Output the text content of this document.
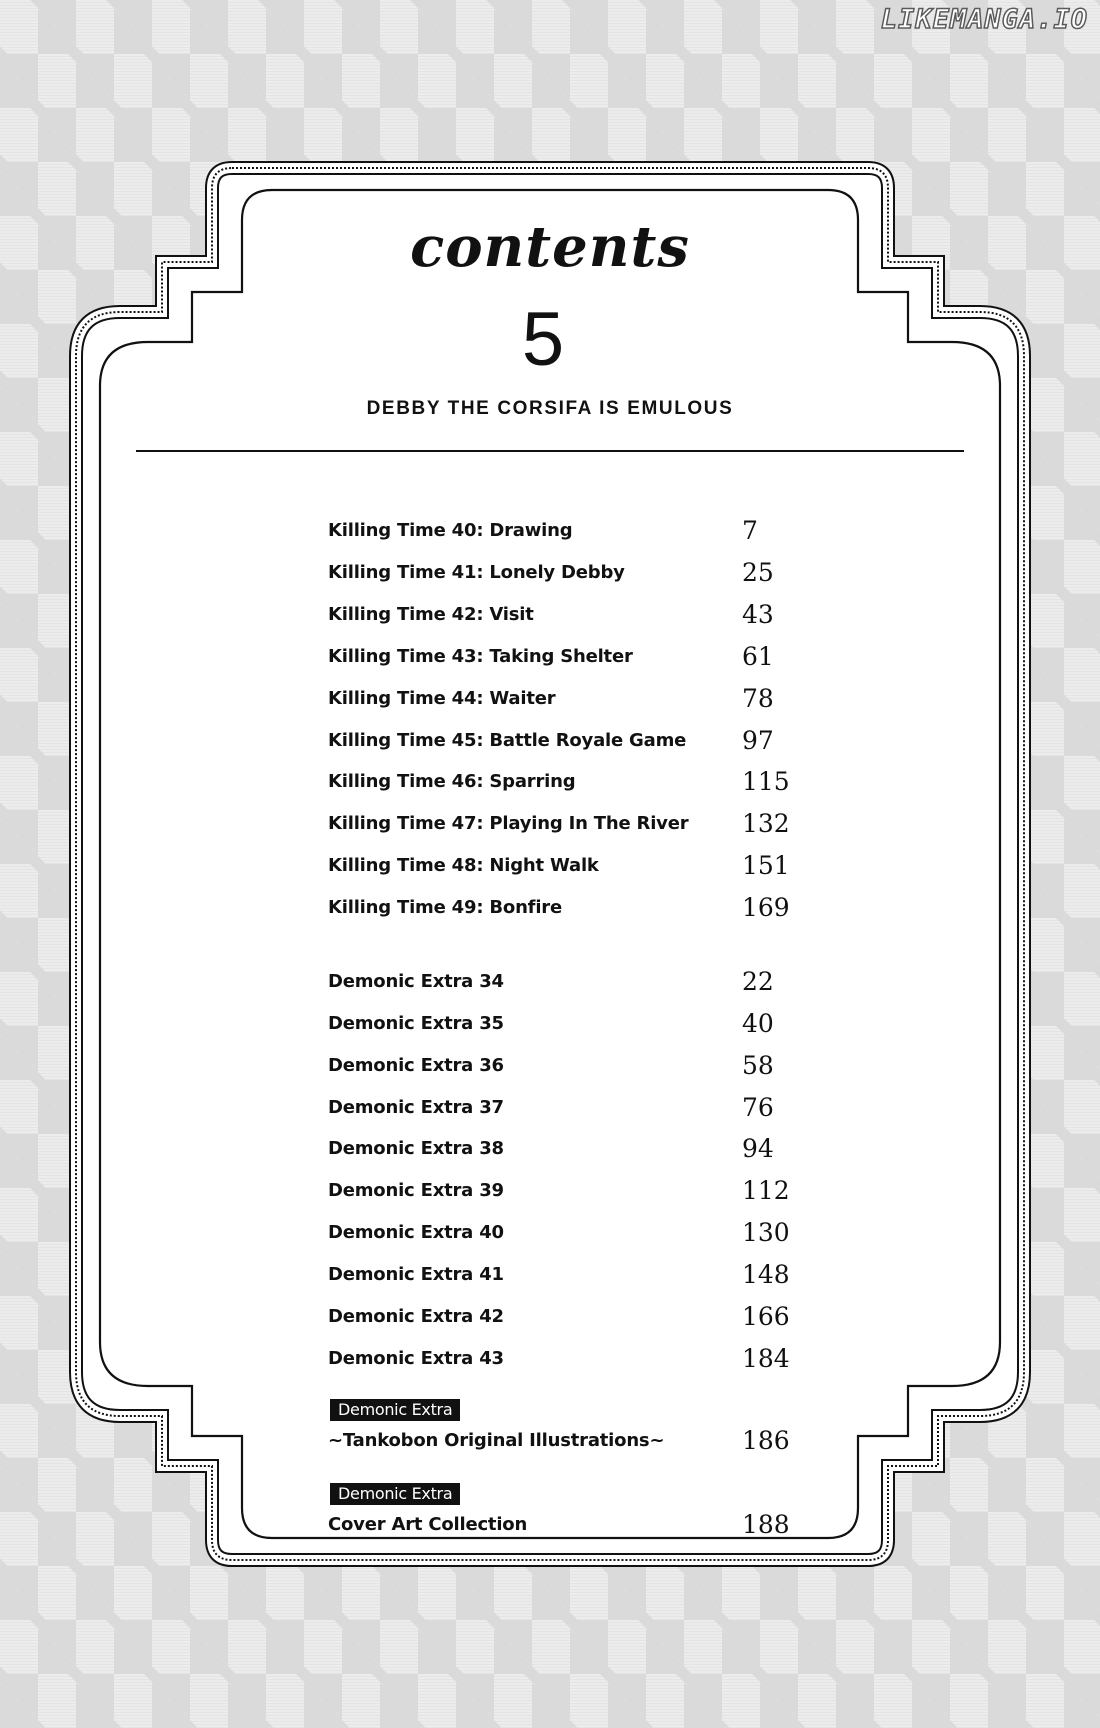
LIKEMANGA.IO
contents
5
DEBBY THE CORSIFA IS EMULOUS
Killing Time 40: Drawing	7
Killing Time 41: Lonely Debby	25
Killing Time 42: Visit	43
Killing Time 43: Taking Shelter	61
Killing Time 44: Waiter	78
Killing Time 45: Battle Royale Game 97
Killing Time 46: Sparring	115
Killing Time 47: Playing In The River 132
Killing Time 48: Night Walk	151
Killing Time 49: Bonfire	169
Demonic Extra 34	22
Demonic Extra 35	40
Demonic Extra 36	58
Demonic Extra 37	76
Demonic Extra 38	94
Demonic Extra 39	112
Demonic Extra 40	130
Demonic Extra 41	148
Demonic Extra 42	166
Demonic Extra 43	184
Demonic Extra
~Tankobon Original Illustrations~	186
Demonic Extra
Cover Art Collection	188
